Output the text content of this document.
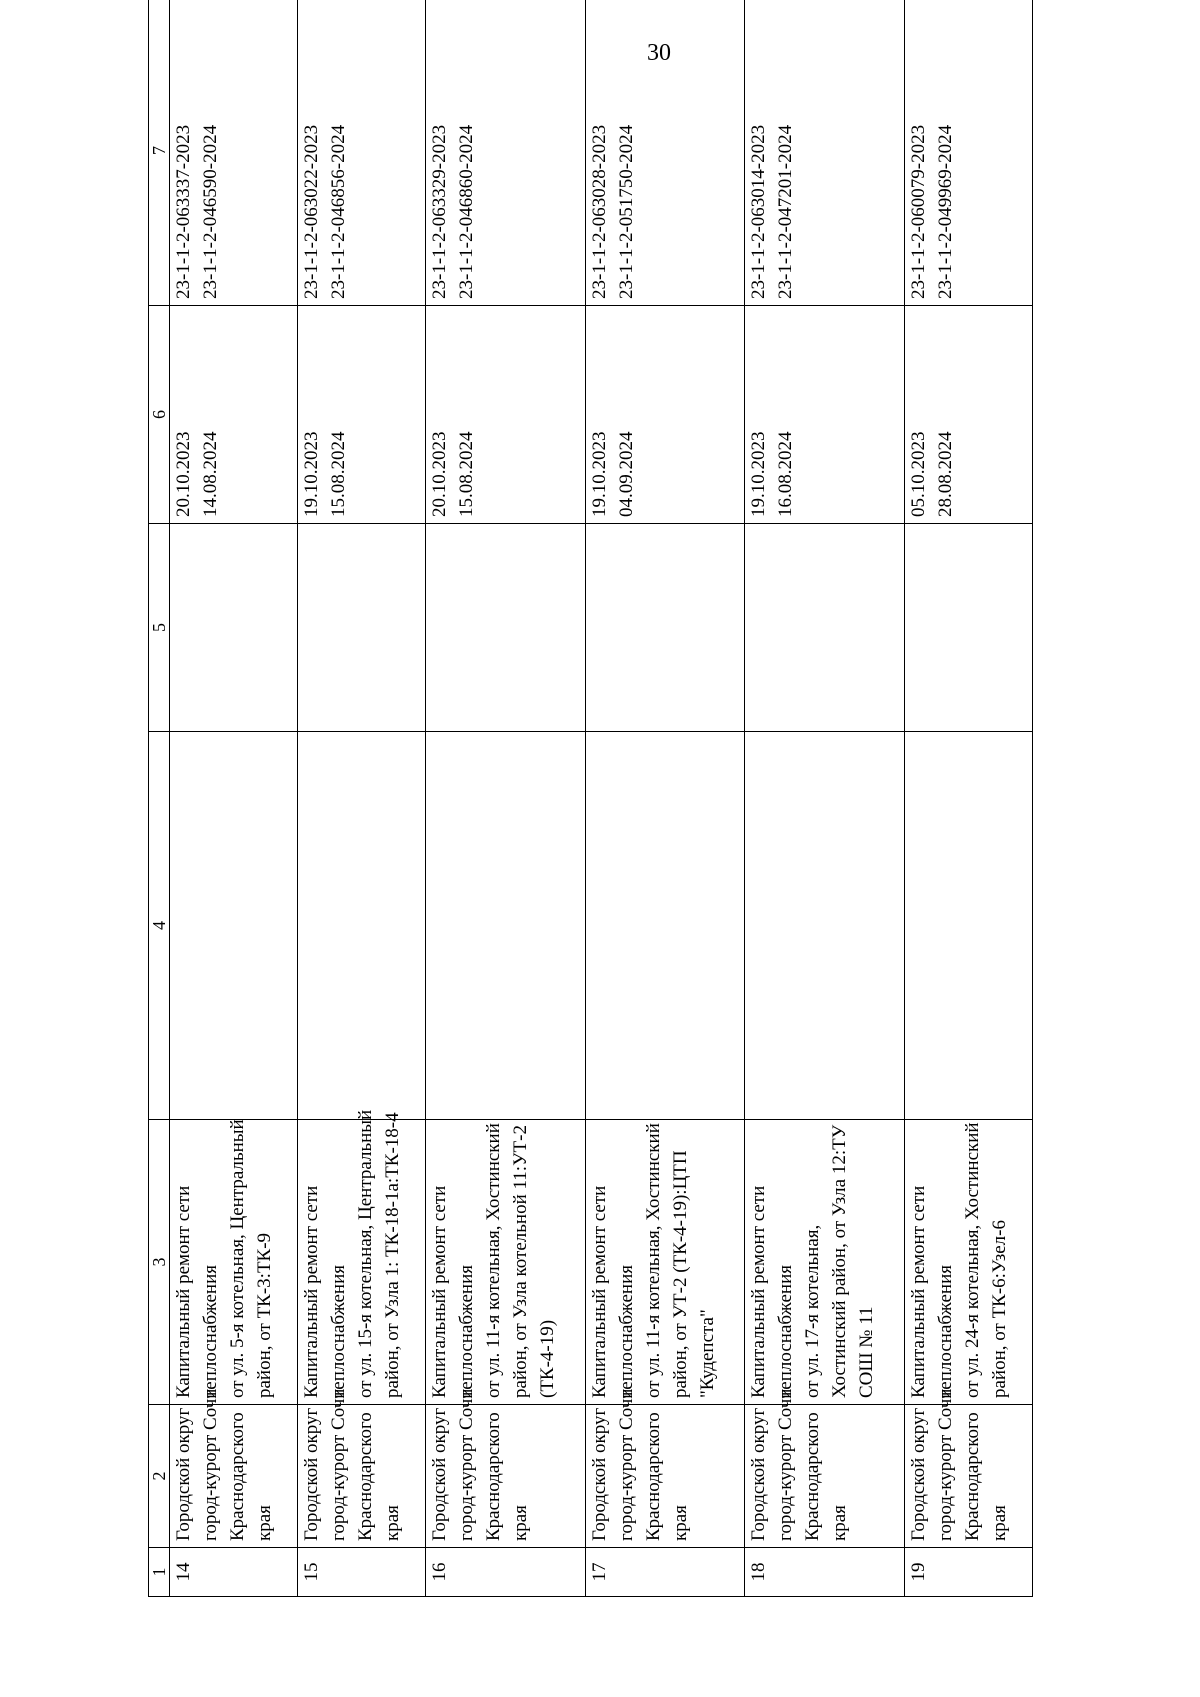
30
1	2	3	4	5	6	7
14	Городской округ город-курорт Сочи Краснодарского края	Капитальный ремонт сети теплоснабжения от ул. 5-я котельная, Центральный район, от ТК-3:ТК-9			20.10.2023 14.08.2024	23-1-1-2-063337-2023 23-1-1-2-046590-2024

15	Городской округ город-курорт Сочи Краснодарского края	Капитальный ремонт сети теплоснабжения от ул. 15-я котельная, Центральный район, от Узла 1: ТК-18-1а:ТК-18-4			19.10.2023 15.08.2024	23-1-1-2-063022-2023 23-1-1-2-046856-2024

16	Городской округ город-курорт Сочи Краснодарского края	Капитальный ремонт сети теплоснабжения от ул. 11-я котельная, Хостинский район, от Узла котельной 11:УТ-2 (ТК-4-19)			20.10.2023 15.08.2024	23-1-1-2-063329-2023 23-1-1-2-046860-2024

17	Городской округ город-курорт Сочи Краснодарского края	Капитальный ремонт сети теплоснабжения от ул. 11-я котельная, Хостинский район, от УТ-2 (ТК-4-19):ЦТП "Кудепста"			19.10.2023 04.09.2024	23-1-1-2-063028-2023 23-1-1-2-051750-2024

18	Городской округ город-курорт Сочи Краснодарского края	Капитальный ремонт сети теплоснабжения от ул. 17-я котельная, Хостинский район, от Узла 12:ТУ СОШ № 11			19.10.2023 16.08.2024	23-1-1-2-063014-2023 23-1-1-2-047201-2024

19	Городской округ город-курорт Сочи Краснодарского края	Капитальный ремонт сети теплоснабжения от ул. 24-я котельная, Хостинский район, от ТК-6:Узел-6			05.10.2023 28.08.2024	23-1-1-2-060079-2023 23-1-1-2-049969-2024
